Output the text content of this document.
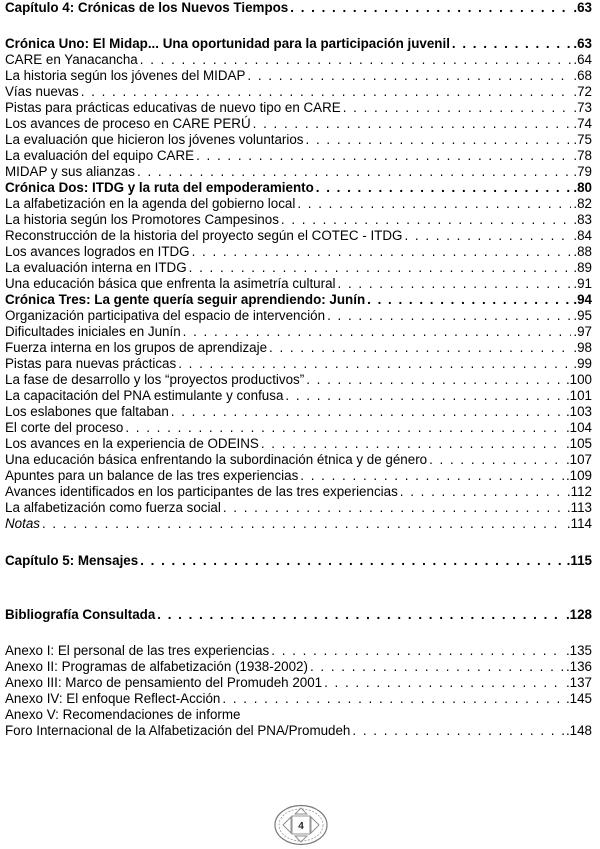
Capítulo 4: Crónicas de los Nuevos Tiempos . . .	.63
Crónica Uno: El Midap... Una oportunidad para la participación juvenil . . .	.63
CARE en Yanacancha . . .	.64
La historia según los jóvenes del MIDAP . . .	.68
Vías nuevas . . .	.72
Pistas para prácticas educativas de nuevo tipo en CARE . . .	.73
Los avances de proceso en CARE PERÚ . . .	.74
La evaluación que hicieron los jóvenes voluntarios . . .	.75
La evaluación del equipo CARE . . .	.78
MIDAP y sus alianzas . . .	.79
Crónica Dos: ITDG y la ruta del empoderamiento . . .	.80
La alfabetización en la agenda del gobierno local . . .	.82
La historia según los Promotores Campesinos . . .	.83
Reconstrucción de la historia del proyecto según el COTEC - ITDG . . .	.84
Los avances logrados en ITDG . . .	.88
La evaluación interna en ITDG . . .	.89
Una educación básica que enfrenta la asimetría cultural . . .	.91
Crónica Tres: La gente quería seguir aprendiendo: Junín . . .	.94
Organización participativa del espacio de intervención . . .	.95
Dificultades iniciales en Junín . . .	.97
Fuerza interna en los grupos de aprendizaje . . .	.98
Pistas para nuevas prácticas . . .	.99
La fase de desarrollo y los “proyectos productivos” . . .	.100
La capacitación del PNA estimulante y confusa . . .	.101
Los eslabones que faltaban . . .	.103
El corte del proceso . . .	.104
Los avances en la experiencia de ODEINS . . .	.105
Una educación básica enfrentando la subordinación étnica y de género . . .	.107
Apuntes para un balance de las tres experiencias . . .	.109
Avances identificados en los participantes de las tres experiencias . . .	.112
La alfabetización como fuerza social . . .	.113
Notas . . .	.114
Capítulo 5: Mensajes . . .	.115
Bibliografía Consultada . . .	.128
Anexo I: El personal de las tres experiencias . . .	.135
Anexo II: Programas de alfabetización (1938-2002) . . .	.136
Anexo III: Marco de pensamiento del Promudeh 2001 . . .	.137
Anexo IV: El enfoque Reflect-Acción . . .	.145
Anexo V: Recomendaciones de informe
Foro Internacional de la Alfabetización del PNA/Promudeh . . .	.148
4
